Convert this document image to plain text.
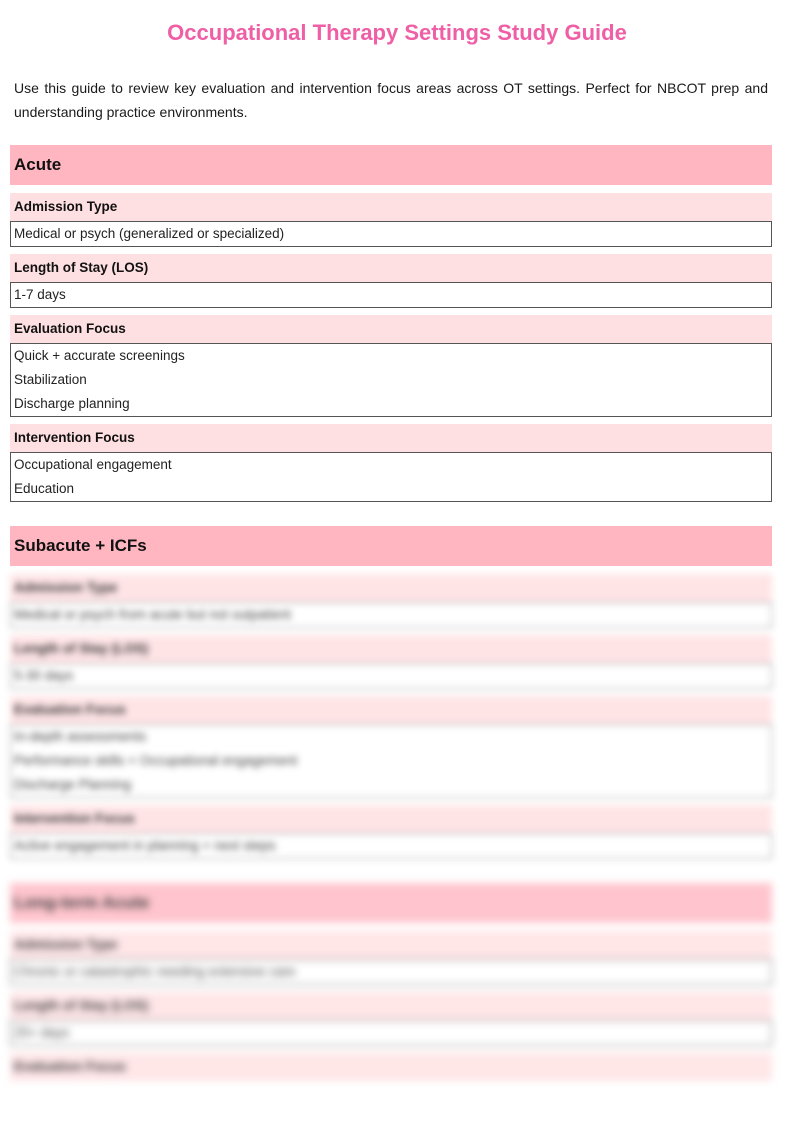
Occupational Therapy Settings Study Guide

Use this guide to review key evaluation and intervention focus areas across OT settings. Perfect for NBCOT prep and understanding practice environments.

Acute
Admission Type
Medical or psych (generalized or specialized)
Length of Stay (LOS)
1-7 days
Evaluation Focus
Quick + accurate screenings
Stabilization
Discharge planning
Intervention Focus
Occupational engagement
Education
Subacute + ICFs
Admission Type
Medical or psych from acute but not outpatient
Length of Stay (LOS)
5-30 days
Evaluation Focus
In-depth assessments
Performance skills + Occupational engagement
Discharge Planning
Intervention Focus
Active engagement in planning + next steps
Long-term Acute
Admission Type
Chronic or catastrophic needing extensive care
Length of Stay (LOS)
25+ days
Evaluation Focus
